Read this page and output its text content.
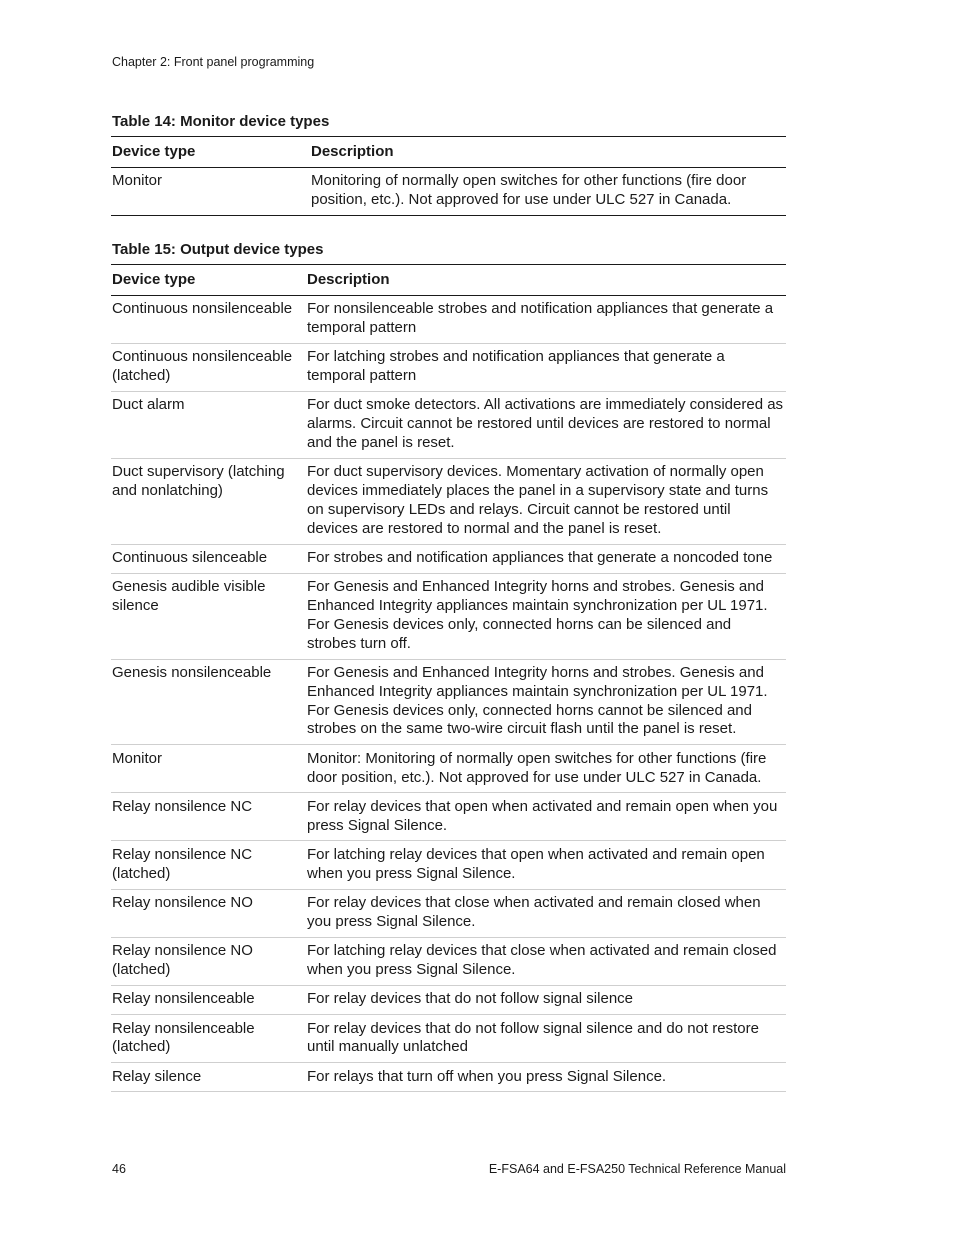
Chapter 2: Front panel programming
Table 14: Monitor device types
Device type	Description
Monitor	Monitoring of normally open switches for other functions (fire door position, etc.). Not approved for use under ULC 527 in Canada.
Table 15: Output device types
Device type	Description
Continuous nonsilenceable	For nonsilenceable strobes and notification appliances that generate a temporal pattern
Continuous nonsilenceable (latched)	For latching strobes and notification appliances that generate a temporal pattern
Duct alarm	For duct smoke detectors. All activations are immediately considered as alarms. Circuit cannot be restored until devices are restored to normal and the panel is reset.
Duct supervisory (latching and nonlatching)	For duct supervisory devices. Momentary activation of normally open devices immediately places the panel in a supervisory state and turns on supervisory LEDs and relays. Circuit cannot be restored until devices are restored to normal and the panel is reset.
Continuous silenceable	For strobes and notification appliances that generate a noncoded tone
Genesis audible visible silence	For Genesis and Enhanced Integrity horns and strobes. Genesis and Enhanced Integrity appliances maintain synchronization per UL 1971. For Genesis devices only, connected horns can be silenced and strobes turn off.
Genesis nonsilenceable	For Genesis and Enhanced Integrity horns and strobes. Genesis and Enhanced Integrity appliances maintain synchronization per UL 1971. For Genesis devices only, connected horns cannot be silenced and strobes on the same two-wire circuit flash until the panel is reset.
Monitor	Monitor: Monitoring of normally open switches for other functions (fire door position, etc.). Not approved for use under ULC 527 in Canada.
Relay nonsilence NC	For relay devices that open when activated and remain open when you press Signal Silence.
Relay nonsilence NC (latched)	For latching relay devices that open when activated and remain open when you press Signal Silence.
Relay nonsilence NO	For relay devices that close when activated and remain closed when you press Signal Silence.
Relay nonsilence NO (latched)	For latching relay devices that close when activated and remain closed when you press Signal Silence.
Relay nonsilenceable	For relay devices that do not follow signal silence
Relay nonsilenceable (latched)	For relay devices that do not follow signal silence and do not restore until manually unlatched
Relay silence	For relays that turn off when you press Signal Silence.
46	E-FSA64 and E-FSA250 Technical Reference Manual
